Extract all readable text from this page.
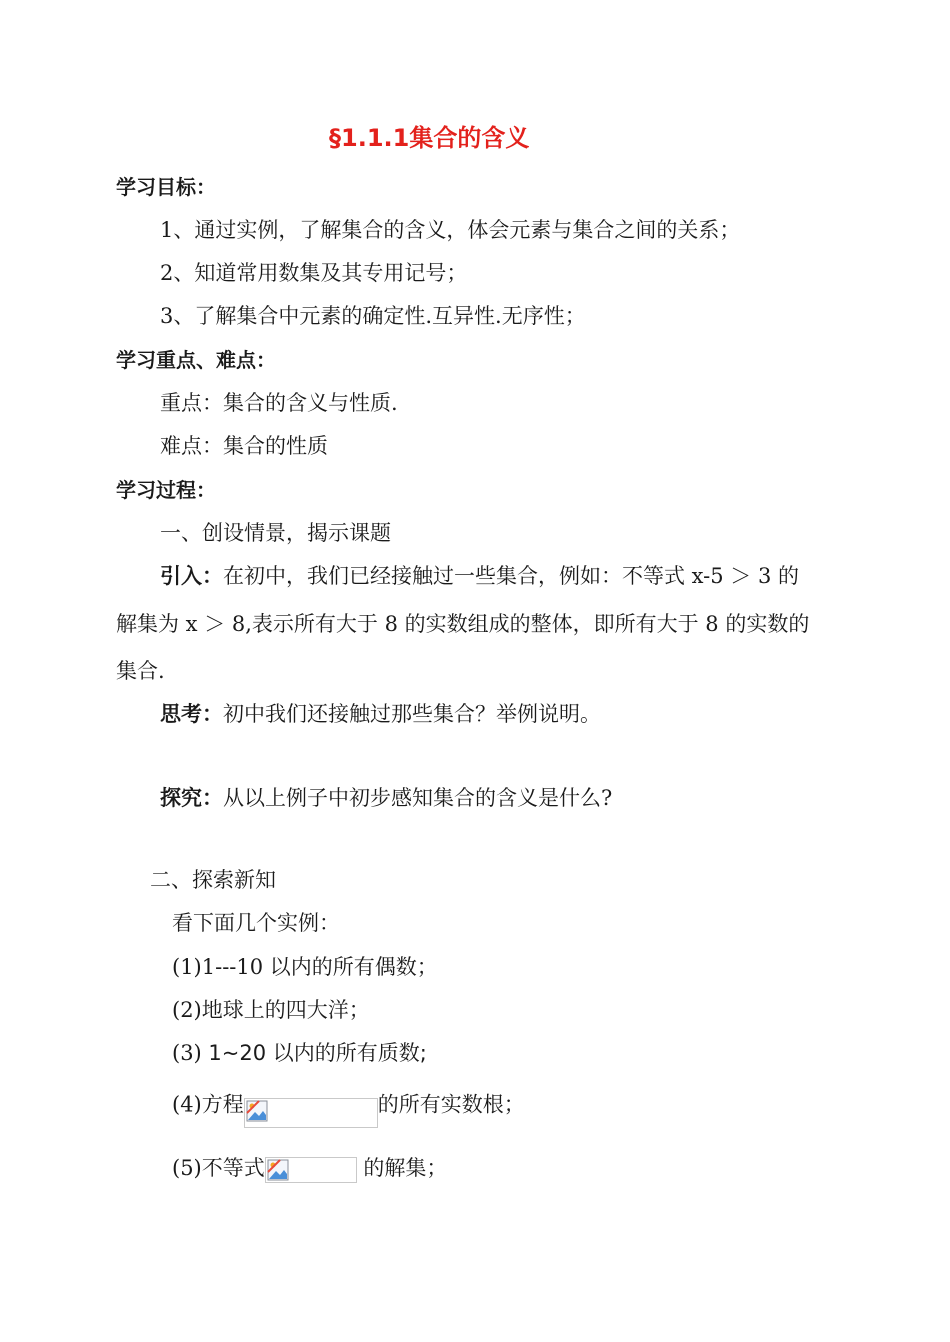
§1.1.1集合的含义
学习目标：
1、通过实例，了解集合的含义，体会元素与集合之间的关系；
2、知道常用数集及其专用记号；
3、了解集合中元素的确定性.互异性.无序性；
学习重点、难点：
重点：集合的含义与性质.
难点：集合的性质
学习过程：
一、创设情景，揭示课题
引入：在初中，我们已经接触过一些集合，例如：不等式 x-5 ＞ 3 的
解集为 x ＞ 8,表示所有大于 8 的实数组成的整体，即所有大于 8 的实数的
集合.
思考：初中我们还接触过那些集合？举例说明。
探究：从以上例子中初步感知集合的含义是什么?
二、探索新知
看下面几个实例：
(1)1---10 以内的所有偶数；
(2)地球上的四大洋；
(3) 1~20 以内的所有质数;
(4)方程	的所有实数根；
(5)不等式	的解集；
